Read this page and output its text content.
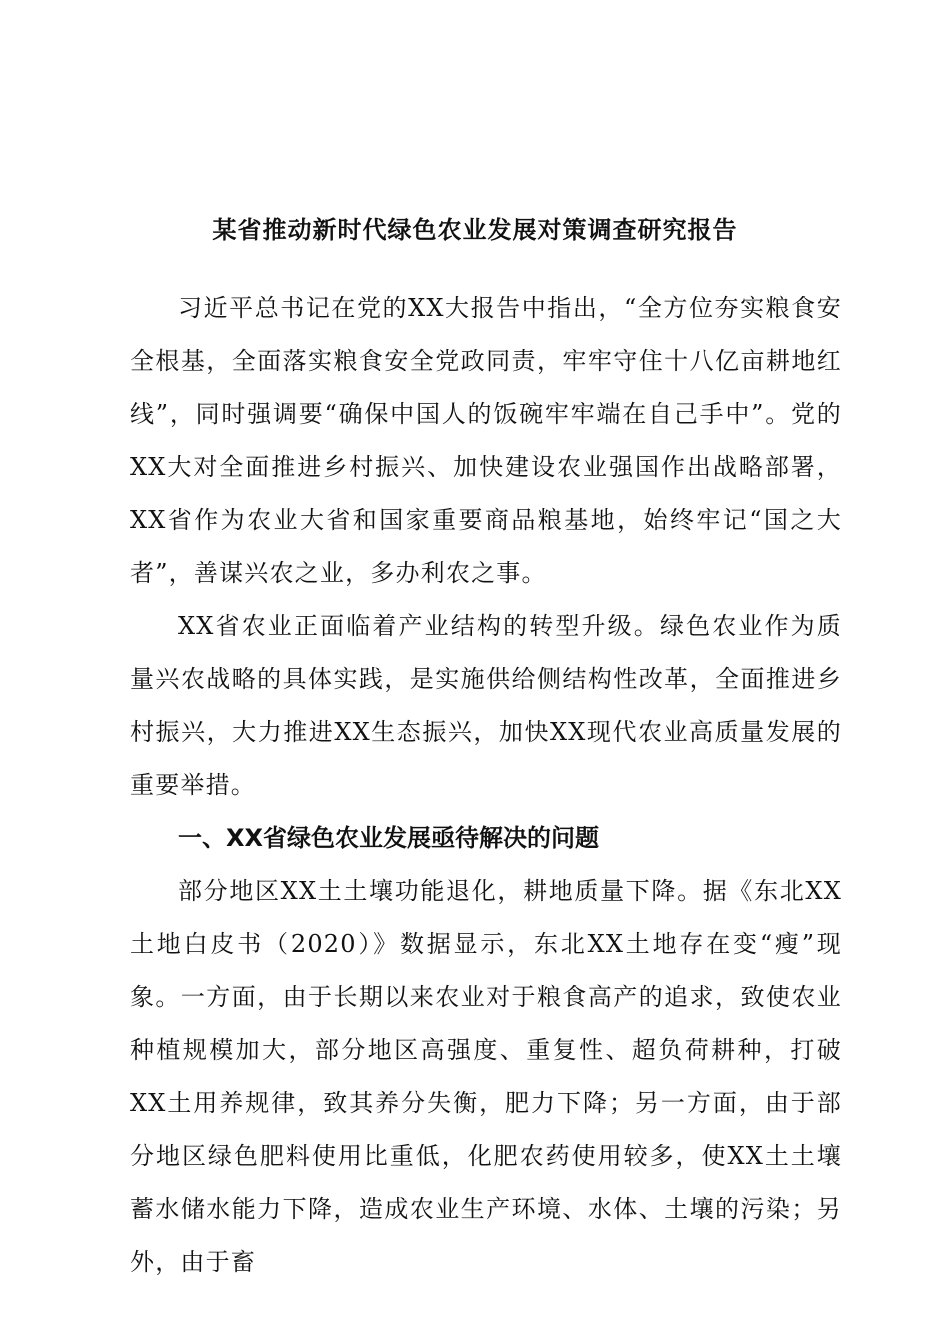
某省推动新时代绿色农业发展对策调查研究报告

习近平总书记在党的XX大报告中指出，“全方位夯实粮食安全根基，全面落实粮食安全党政同责，牢牢守住十八亿亩耕地红线”，同时强调要“确保中国人的饭碗牢牢端在自己手中”。党的XX大对全面推进乡村振兴、加快建设农业强国作出战略部署，XX省作为农业大省和国家重要商品粮基地，始终牢记“国之大者”，善谋兴农之业，多办利农之事。

XX省农业正面临着产业结构的转型升级。绿色农业作为质量兴农战略的具体实践，是实施供给侧结构性改革，全面推进乡村振兴，大力推进XX生态振兴，加快XX现代农业高质量发展的重要举措。

一、XX省绿色农业发展亟待解决的问题

部分地区XX土土壤功能退化，耕地质量下降。据《东北XX土地白皮书（2020）》数据显示，东北XX土地存在变“瘦”现象。一方面，由于长期以来农业对于粮食高产的追求，致使农业种植规模加大，部分地区高强度、重复性、超负荷耕种，打破XX土用养规律，致其养分失衡，肥力下降；另一方面，由于部分地区绿色肥料使用比重低，化肥农药使用较多，使XX土土壤蓄水储水能力下降，造成农业生产环境、水体、土壤的污染；另外，由于畜
